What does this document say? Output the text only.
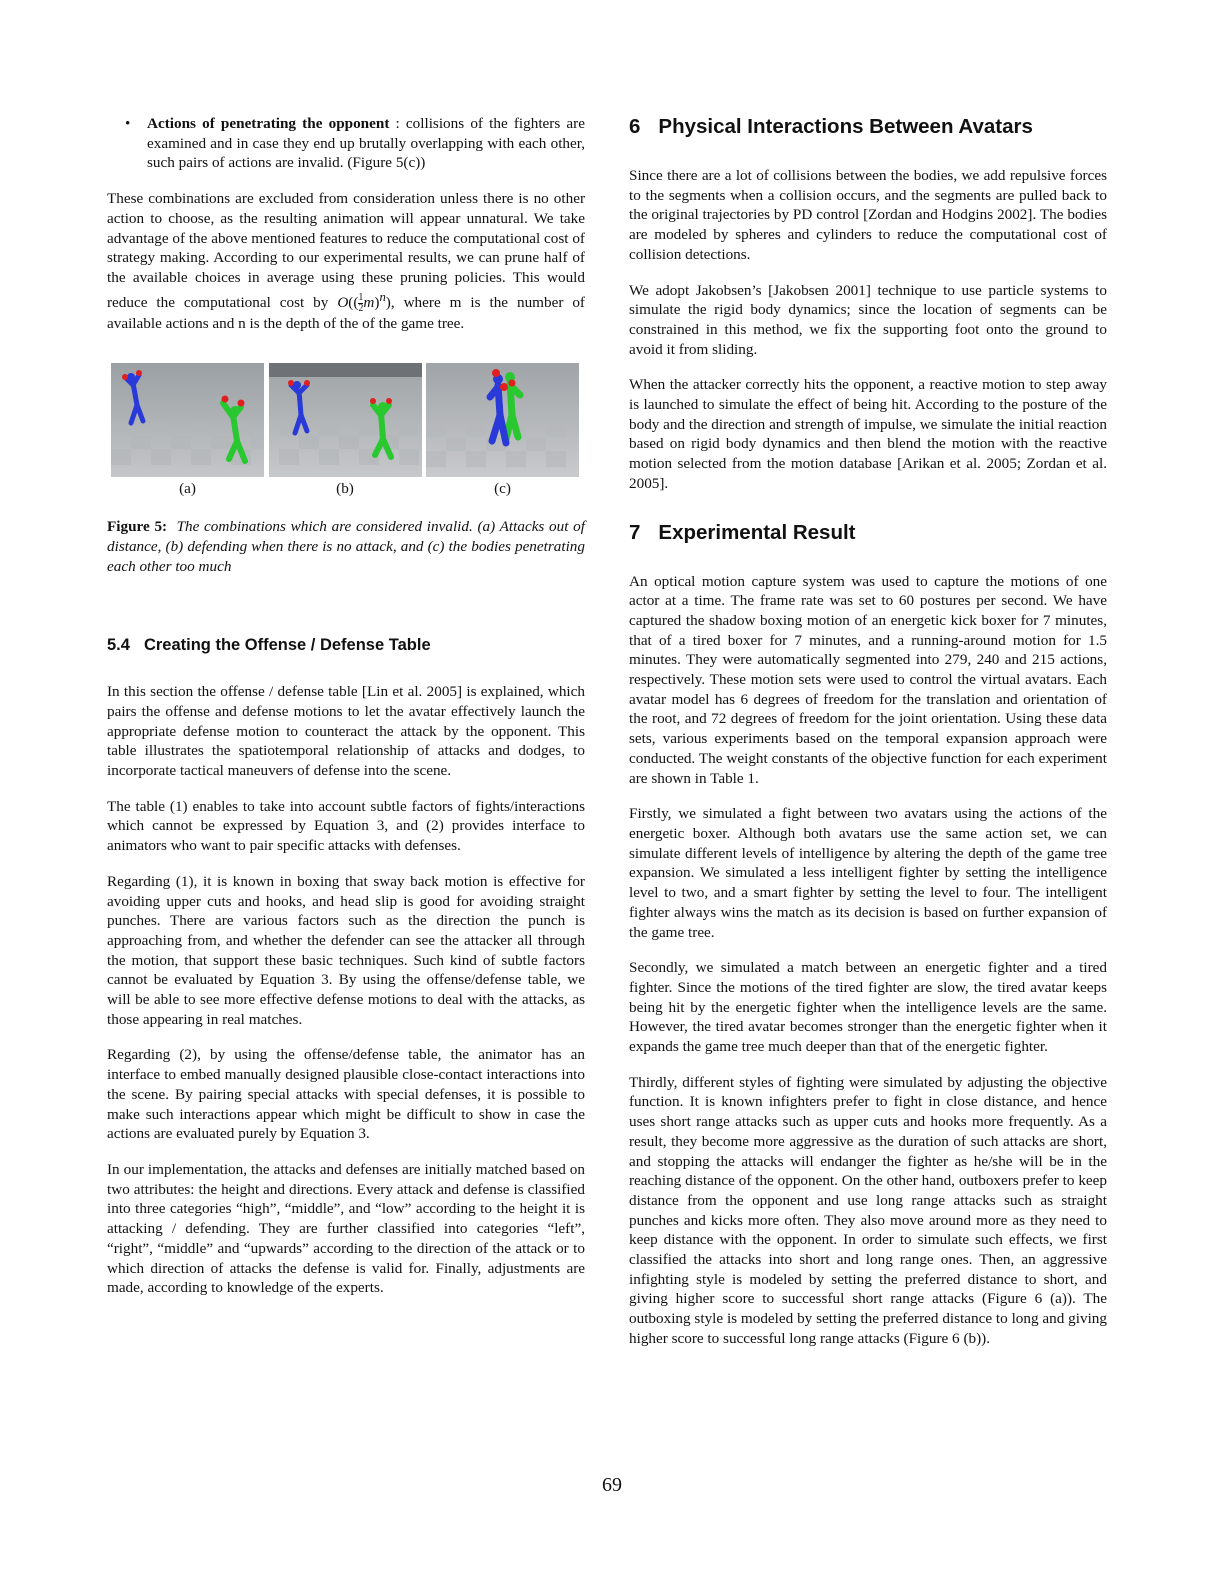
•	Actions of penetrating the opponent : collisions of the fighters are examined and in case they end up brutally overlapping with each other, such pairs of actions are invalid. (Figure 5(c))

These combinations are excluded from consideration unless there is no other action to choose, as the resulting animation will appear unnatural. We take advantage of the above mentioned features to reduce the computational cost of strategy making. According to our experimental results, we can prune half of the available choices in average using these pruning policies. This would reduce the computational cost by $O(( \frac{1}{2} m)^n)$, where m is the number of available actions and n is the depth of the of the game tree.

(a)	(b)	(c)
Figure 5: The combinations which are considered invalid. (a) Attacks out of distance, (b) defending when there is no attack, and (c) the bodies penetrating each other too much
5.4 Creating the Offense / Defense Table

In this section the offense / defense table [Lin et al. 2005] is explained, which pairs the offense and defense motions to let the avatar effectively launch the appropriate defense motion to counteract the attack by the opponent. This table illustrates the spatiotemporal relationship of attacks and dodges, to incorporate tactical maneuvers of defense into the scene.

The table (1) enables to take into account subtle factors of fights/interactions which cannot be expressed by Equation 3, and (2) provides interface to animators who want to pair specific attacks with defenses.

Regarding (1), it is known in boxing that sway back motion is effective for avoiding upper cuts and hooks, and head slip is good for avoiding straight punches. There are various factors such as the direction the punch is approaching from, and whether the defender can see the attacker all through the motion, that support these basic techniques. Such kind of subtle factors cannot be evaluated by Equation 3. By using the offense/defense table, we will be able to see more effective defense motions to deal with the attacks, as those appearing in real matches.

Regarding (2), by using the offense/defense table, the animator has an interface to embed manually designed plausible close-contact interactions into the scene. By pairing special attacks with special defenses, it is possible to make such interactions appear which might be difficult to show in case the actions are evaluated purely by Equation 3.

In our implementation, the attacks and defenses are initially matched based on two attributes: the height and directions. Every attack and defense is classified into three categories “high”, “middle”, and “low” according to the height it is attacking / defending. They are further classified into categories “left”, “right”, “middle” and “upwards” according to the direction of the attack or to which direction of attacks the defense is valid for. Finally, adjustments are made, according to knowledge of the experts.

6 Physical Interactions Between Avatars

Since there are a lot of collisions between the bodies, we add repulsive forces to the segments when a collision occurs, and the segments are pulled back to the original trajectories by PD control [Zordan and Hodgins 2002]. The bodies are modeled by spheres and cylinders to reduce the computational cost of collision detections.

We adopt Jakobsen’s [Jakobsen 2001] technique to use particle systems to simulate the rigid body dynamics; since the location of segments can be constrained in this method, we fix the supporting foot onto the ground to avoid it from sliding.

When the attacker correctly hits the opponent, a reactive motion to step away is launched to simulate the effect of being hit. According to the posture of the body and the direction and strength of impulse, we simulate the initial reaction based on rigid body dynamics and then blend the motion with the reactive motion selected from the motion database [Arikan et al. 2005; Zordan et al. 2005].

7 Experimental Result

An optical motion capture system was used to capture the motions of one actor at a time. The frame rate was set to 60 postures per second. We have captured the shadow boxing motion of an energetic kick boxer for 7 minutes, that of a tired boxer for 7 minutes, and a running-around motion for 1.5 minutes. They were automatically segmented into 279, 240 and 215 actions, respectively. These motion sets were used to control the virtual avatars. Each avatar model has 6 degrees of freedom for the translation and orientation of the root, and 72 degrees of freedom for the joint orientation. Using these data sets, various experiments based on the temporal expansion approach were conducted. The weight constants of the objective function for each experiment are shown in Table 1.

Firstly, we simulated a fight between two avatars using the actions of the energetic boxer. Although both avatars use the same action set, we can simulate different levels of intelligence by altering the depth of the game tree expansion. We simulated a less intelligent fighter by setting the intelligence level to two, and a smart fighter by setting the level to four. The intelligent fighter always wins the match as its decision is based on further expansion of the game tree.

Secondly, we simulated a match between an energetic fighter and a tired fighter. Since the motions of the tired fighter are slow, the tired avatar keeps being hit by the energetic fighter when the intelligence levels are the same. However, the tired avatar becomes stronger than the energetic fighter when it expands the game tree much deeper than that of the energetic fighter.

Thirdly, different styles of fighting were simulated by adjusting the objective function. It is known infighters prefer to fight in close distance, and hence uses short range attacks such as upper cuts and hooks more frequently. As a result, they become more aggressive as the duration of such attacks are short, and stopping the attacks will endanger the fighter as he/she will be in the reaching distance of the opponent. On the other hand, outboxers prefer to keep distance from the opponent and use long range attacks such as straight punches and kicks more often. They also move around more as they need to keep distance with the opponent. In order to simulate such effects, we first classified the attacks into short and long range ones. Then, an aggressive infighting style is modeled by setting the preferred distance to short, and giving higher score to successful short range attacks (Figure 6 (a)). The outboxing style is modeled by setting the preferred distance to long and giving higher score to successful long range attacks (Figure 6 (b)).

69
